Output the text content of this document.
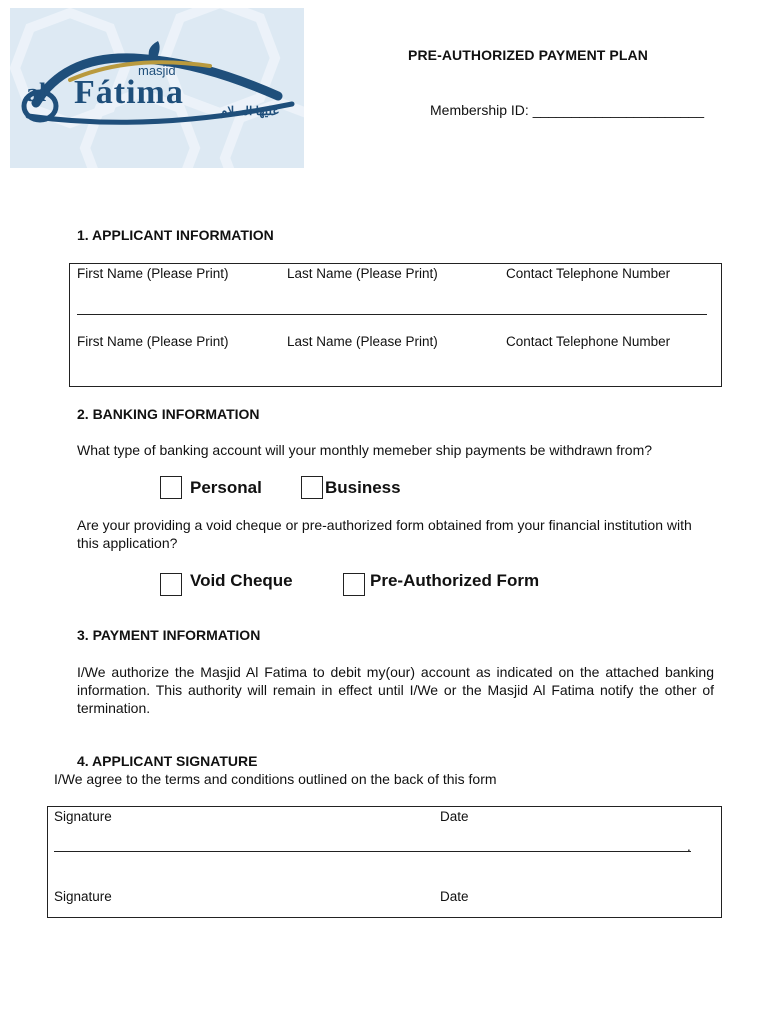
masjid
al Fátima	عليها السلام
PRE-AUTHORIZED PAYMENT PLAN
Membership ID: ______________________
1. APPLICANT INFORMATION
First Name (Please Print)	Last Name (Please Print)	Contact Telephone Number
First Name (Please Print)	Last Name (Please Print)	Contact Telephone Number
2. BANKING INFORMATION
What type of banking account will your monthly memeber ship payments be withdrawn from?
Personal	Business
Are your providing a void cheque or pre-authorized form obtained from your financial institution with this application?
Void Cheque	Pre-Authorized Form
3. PAYMENT INFORMATION
I/We authorize the Masjid Al Fatima to debit my(our) account as indicated on the attached banking information. This authority will remain in effect until I/We or the Masjid Al Fatima notify the other of termination.
4. APPLICANT SIGNATURE
I/We agree to the terms and conditions outlined on the back of this form
Signature	Date
.
Signature	Date
